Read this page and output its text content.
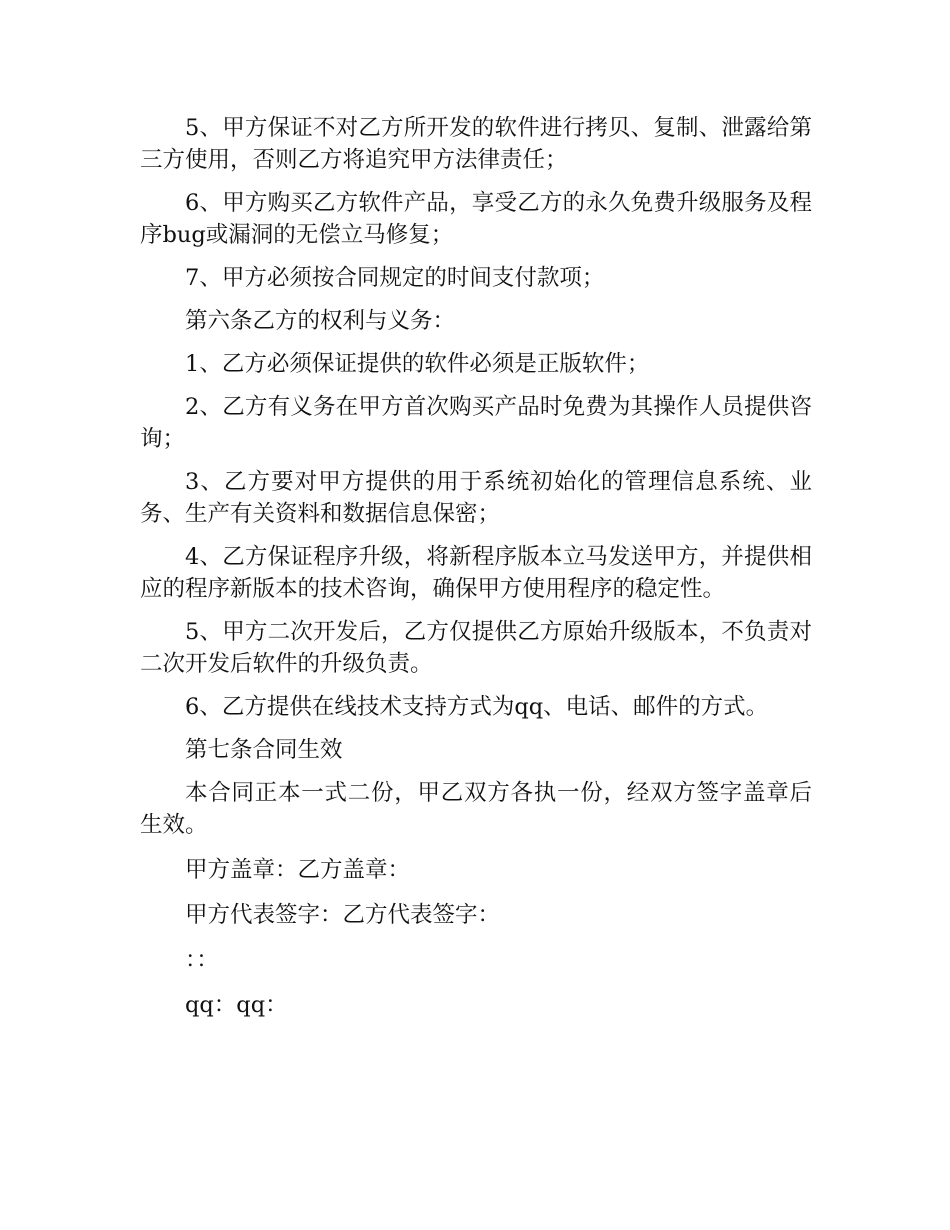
5、甲方保证不对乙方所开发的软件进行拷贝、复制、泄露给第三方使用，否则乙方将追究甲方法律责任；

6、甲方购买乙方软件产品，享受乙方的永久免费升级服务及程序bug或漏洞的无偿立马修复；

7、甲方必须按合同规定的时间支付款项；

第六条乙方的权利与义务：

1、乙方必须保证提供的软件必须是正版软件；

2、乙方有义务在甲方首次购买产品时免费为其操作人员提供咨询；

3、乙方要对甲方提供的用于系统初始化的管理信息系统、业务、生产有关资料和数据信息保密；

4、乙方保证程序升级，将新程序版本立马发送甲方，并提供相应的程序新版本的技术咨询，确保甲方使用程序的稳定性。

5、甲方二次开发后，乙方仅提供乙方原始升级版本，不负责对二次开发后软件的升级负责。

6、乙方提供在线技术支持方式为qq、电话、邮件的方式。

第七条合同生效

本合同正本一式二份，甲乙双方各执一份，经双方签字盖章后生效。

甲方盖章：乙方盖章：

甲方代表签字：乙方代表签字：

：：

qq：qq：
